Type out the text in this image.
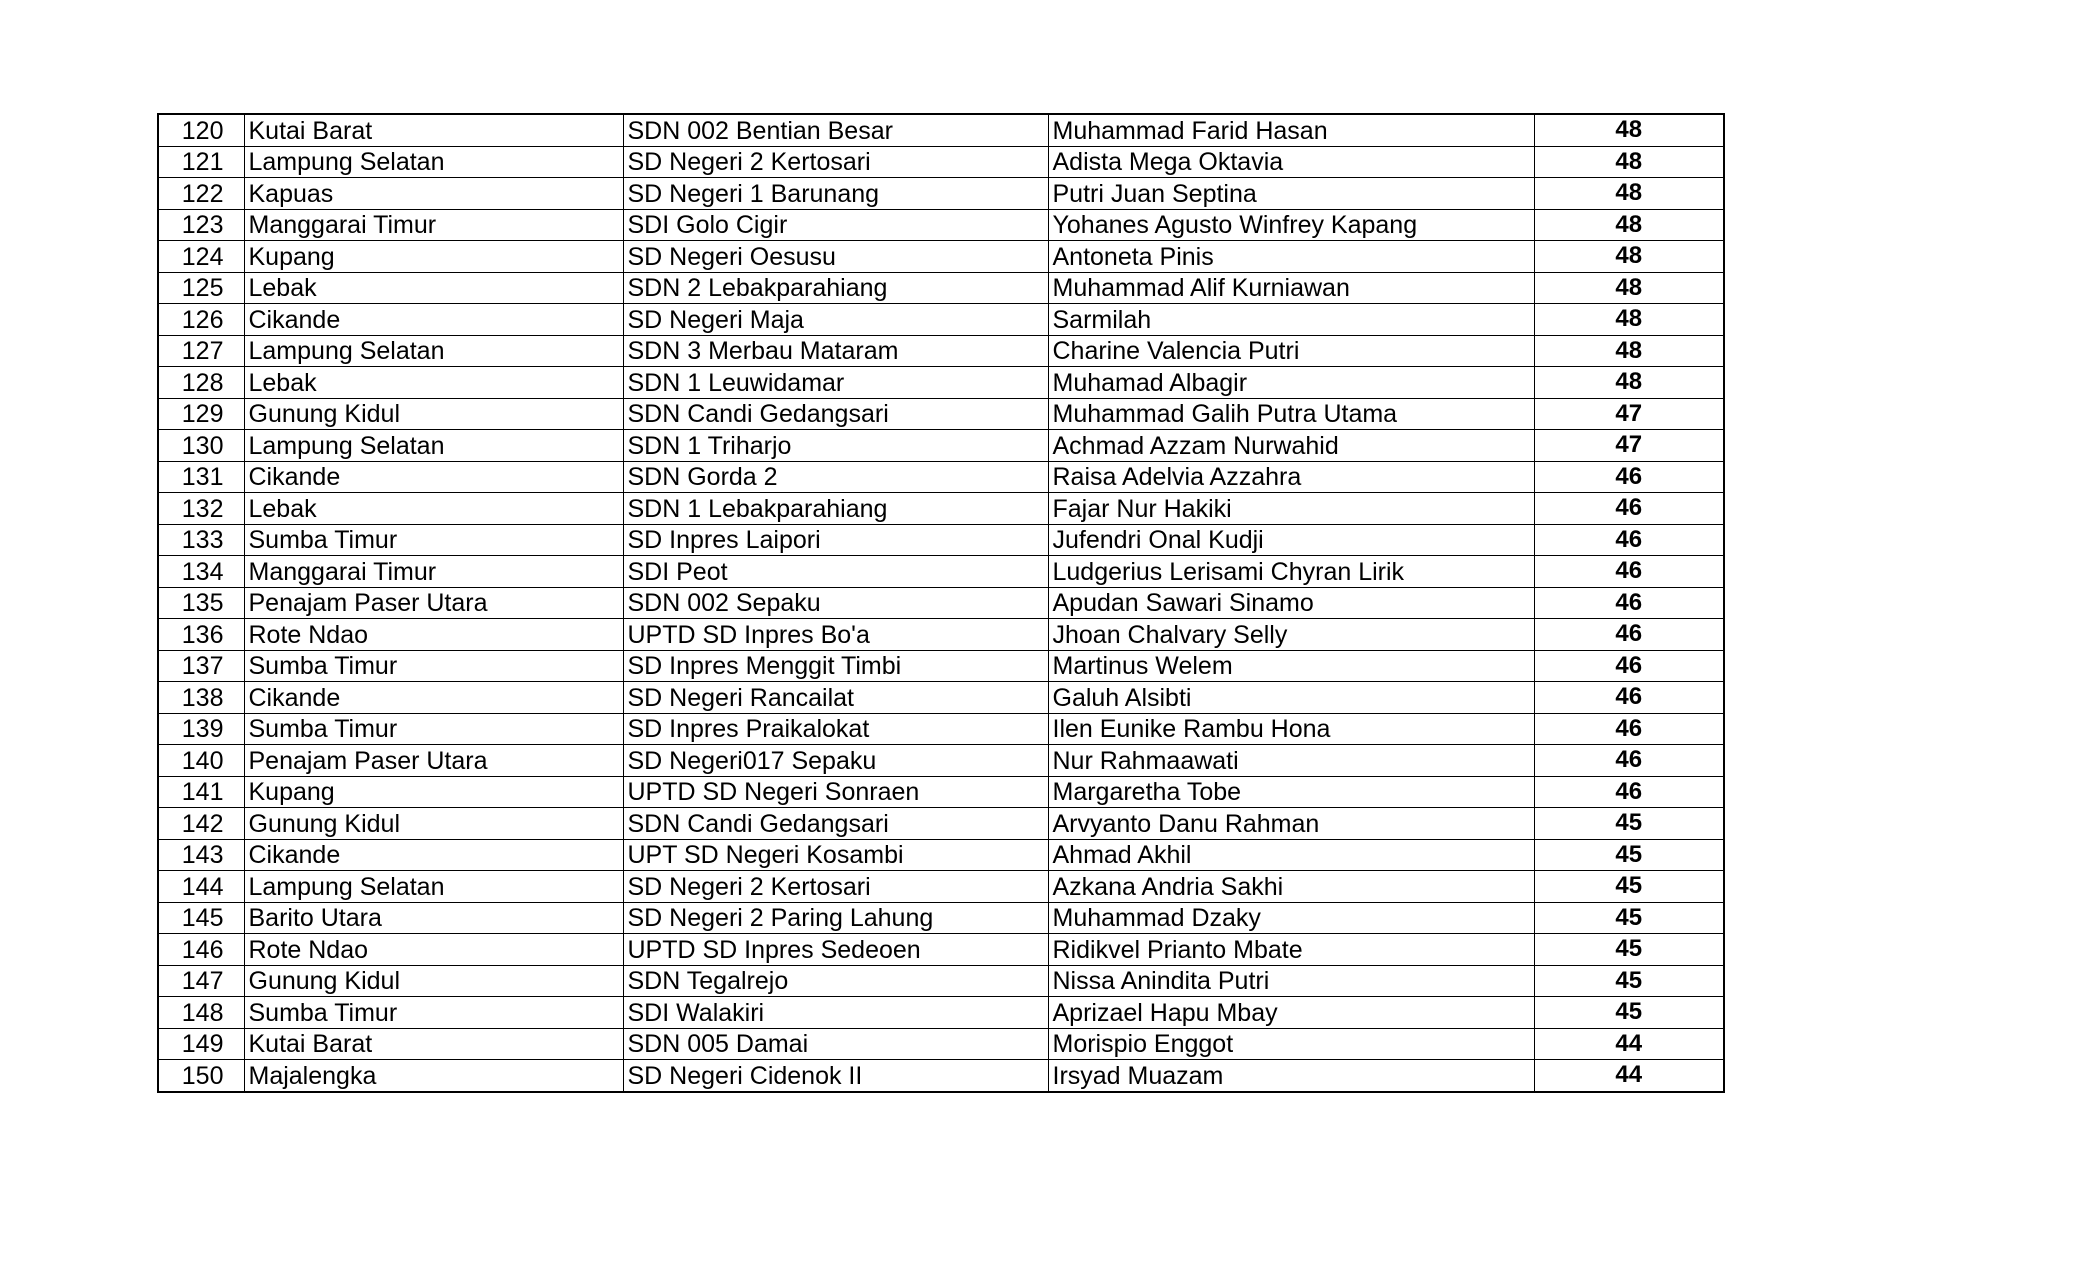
120	Kutai Barat	SDN 002 Bentian Besar	Muhammad Farid Hasan	48
121	Lampung Selatan	SD Negeri 2 Kertosari	Adista Mega Oktavia	48
122	Kapuas	SD Negeri 1 Barunang	Putri Juan Septina	48
123	Manggarai Timur	SDI Golo Cigir	Yohanes Agusto Winfrey Kapang	48
124	Kupang	SD Negeri Oesusu	Antoneta Pinis	48
125	Lebak	SDN 2 Lebakparahiang	Muhammad Alif Kurniawan	48
126	Cikande	SD Negeri Maja	Sarmilah	48
127	Lampung Selatan	SDN 3 Merbau Mataram	Charine Valencia Putri	48
128	Lebak	SDN 1 Leuwidamar	Muhamad Albagir	48
129	Gunung Kidul	SDN Candi Gedangsari	Muhammad Galih Putra Utama	47
130	Lampung Selatan	SDN 1 Triharjo	Achmad Azzam Nurwahid	47
131	Cikande	SDN Gorda 2	Raisa Adelvia Azzahra	46
132	Lebak	SDN 1 Lebakparahiang	Fajar Nur Hakiki	46
133	Sumba Timur	SD Inpres Laipori	Jufendri Onal Kudji	46
134	Manggarai Timur	SDI Peot	Ludgerius Lerisami Chyran Lirik	46
135	Penajam Paser Utara	SDN 002 Sepaku	Apudan Sawari Sinamo	46
136	Rote Ndao	UPTD SD Inpres Bo'a	Jhoan Chalvary Selly	46
137	Sumba Timur	SD Inpres Menggit Timbi	Martinus Welem	46
138	Cikande	SD Negeri Rancailat	Galuh Alsibti	46
139	Sumba Timur	SD Inpres Praikalokat	Ilen Eunike Rambu Hona	46
140	Penajam Paser Utara	SD Negeri017 Sepaku	Nur Rahmaawati	46
141	Kupang	UPTD SD Negeri Sonraen	Margaretha Tobe	46
142	Gunung Kidul	SDN Candi Gedangsari	Arvyanto Danu Rahman	45
143	Cikande	UPT SD Negeri Kosambi	Ahmad Akhil	45
144	Lampung Selatan	SD Negeri 2 Kertosari	Azkana Andria Sakhi	45
145	Barito Utara	SD Negeri 2 Paring Lahung	Muhammad Dzaky	45
146	Rote Ndao	UPTD SD Inpres Sedeoen	Ridikvel Prianto Mbate	45
147	Gunung Kidul	SDN Tegalrejo	Nissa Anindita Putri	45
148	Sumba Timur	SDI Walakiri	Aprizael Hapu Mbay	45
149	Kutai Barat	SDN 005 Damai	Morispio Enggot	44
150	Majalengka	SD Negeri Cidenok II	Irsyad Muazam	44
